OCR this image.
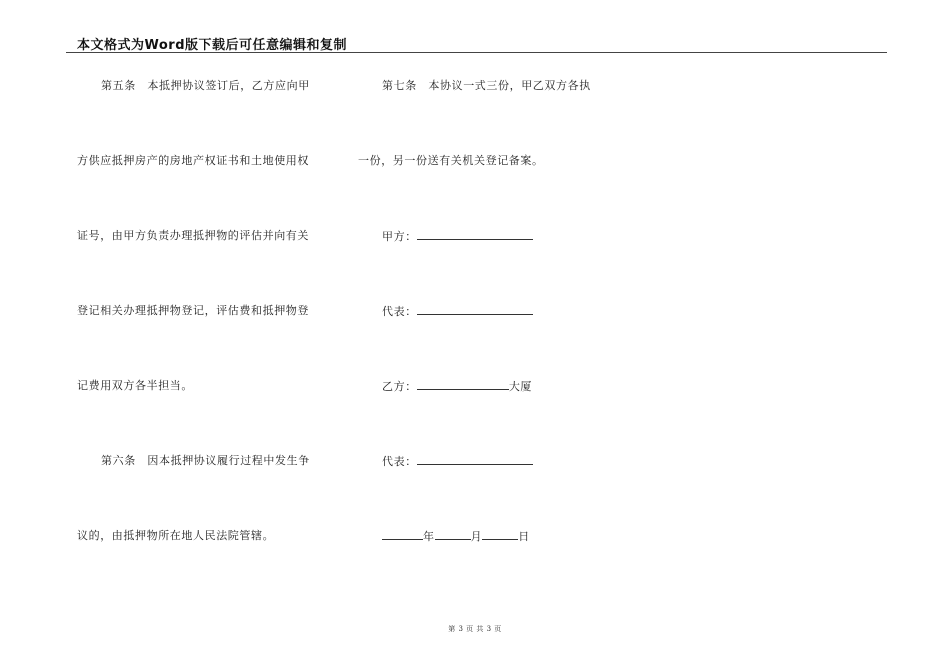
本文格式为Word版下载后可任意编辑和复制
第五条　本抵押协议签订后，乙方应向甲
方供应抵押房产的房地产权证书和土地使用权
证号，由甲方负责办理抵押物的评估并向有关
登记相关办理抵押物登记，评估费和抵押物登
记费用双方各半担当。
第六条　因本抵押协议履行过程中发生争
议的，由抵押物所在地人民法院管辖。
第七条　本协议一式三份，甲乙双方各执
一份，另一份送有关机关登记备案。
甲方：
代表：
乙方：	大厦
代表：
年	月	日
第 3 页 共 3 页
